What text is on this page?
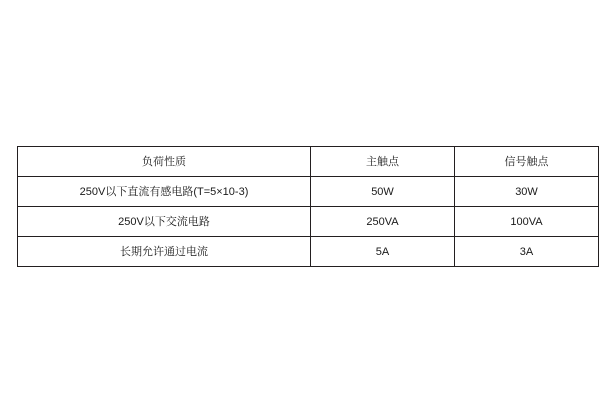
负荷性质	主触点	信号触点
250V以下直流有感电路(T=5×10-3)	50W	30W
250V以下交流电路	250VA	100VA
长期允许通过电流	5A	3A
